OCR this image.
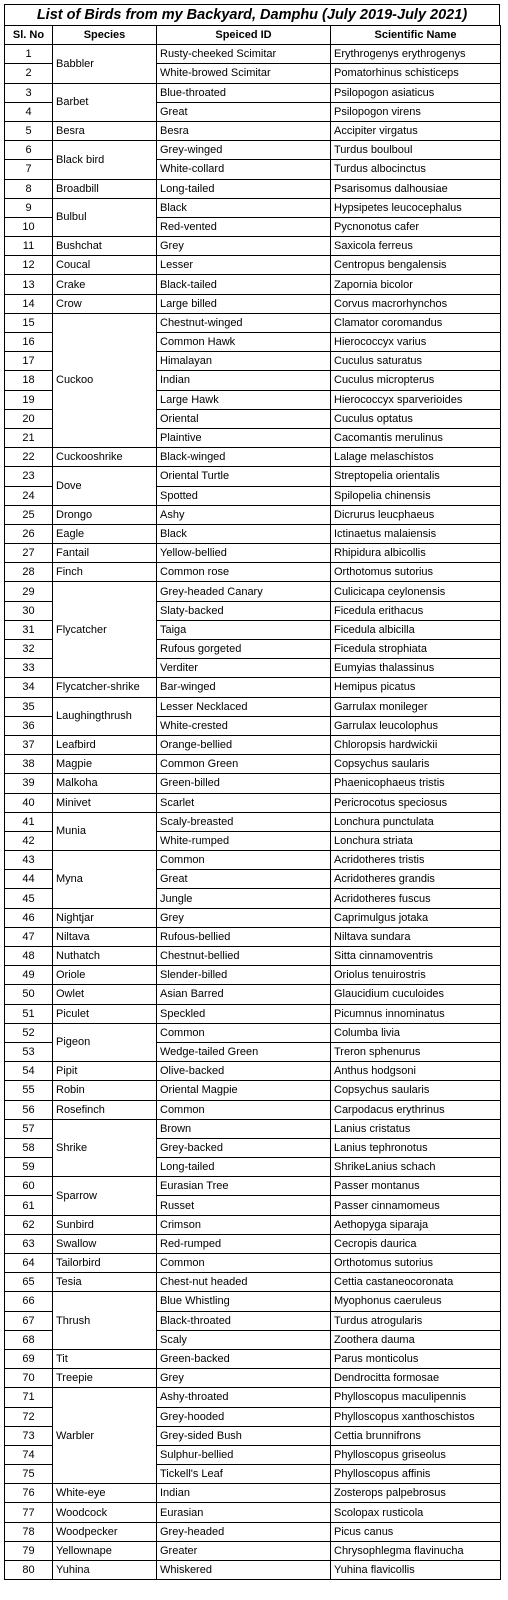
List of Birds from my Backyard, Damphu (July 2019-July 2021)
Sl. No	Species	Speiced ID	Scientific Name
1	Babbler	Rusty-cheeked Scimitar	Erythrogenys erythrogenys
2		White-browed Scimitar	Pomatorhinus schisticeps
3	Barbet	Blue-throated	Psilopogon asiaticus
4		Great	Psilopogon virens
5	Besra	Besra	Accipiter virgatus
6	Black bird	Grey-winged	Turdus boulboul
7		White-collard	Turdus albocinctus
8	Broadbill	Long-tailed	Psarisomus dalhousiae
9	Bulbul	Black	Hypsipetes leucocephalus
10		Red-vented	Pycnonotus cafer
11	Bushchat	Grey	Saxicola ferreus
12	Coucal	Lesser	Centropus bengalensis
13	Crake	Black-tailed	Zapornia bicolor
14	Crow	Large billed	Corvus macrorhynchos
15	Cuckoo	Chestnut-winged	Clamator coromandus
16		Common Hawk	Hierococcyx varius
17		Himalayan	Cuculus saturatus
18		Indian	Cuculus micropterus
19		Large Hawk	Hierococcyx sparverioides
20		Oriental	Cuculus optatus
21		Plaintive	Cacomantis merulinus
22	Cuckooshrike	Black-winged	Lalage melaschistos
23	Dove	Oriental Turtle	Streptopelia orientalis
24		Spotted	Spilopelia chinensis
25	Drongo	Ashy	Dicrurus leucphaeus
26	Eagle	Black	Ictinaetus malaiensis
27	Fantail	Yellow-bellied	Rhipidura albicollis
28	Finch	Common rose	Orthotomus sutorius
29	Flycatcher	Grey-headed Canary	Culicicapa ceylonensis
30		Slaty-backed	Ficedula erithacus
31		Taiga	Ficedula albicilla
32		Rufous gorgeted	Ficedula strophiata
33		Verditer	Eumyias thalassinus
34	Flycatcher-shrike	Bar-winged	Hemipus picatus
35	Laughingthrush	Lesser Necklaced	Garrulax monileger
36		White-crested	Garrulax leucolophus
37	Leafbird	Orange-bellied	Chloropsis hardwickii
38	Magpie	Common Green	Copsychus saularis
39	Malkoha	Green-billed	Phaenicophaeus tristis
40	Minivet	Scarlet	Pericrocotus speciosus
41	Munia	Scaly-breasted	Lonchura punctulata
42		White-rumped	Lonchura striata
43	Myna	Common	Acridotheres tristis
44		Great	Acridotheres grandis
45		Jungle	Acridotheres fuscus
46	Nightjar	Grey	Caprimulgus jotaka
47	Niltava	Rufous-bellied	Niltava sundara
48	Nuthatch	Chestnut-bellied	Sitta cinnamoventris
49	Oriole	Slender-billed	Oriolus tenuirostris
50	Owlet	Asian Barred	Glaucidium cuculoides
51	Piculet	Speckled	Picumnus innominatus
52	Pigeon	Common	Columba livia
53		Wedge-tailed Green	Treron sphenurus
54	Pipit	Olive-backed	Anthus hodgsoni
55	Robin	Oriental Magpie	Copsychus saularis
56	Rosefinch	Common	Carpodacus erythrinus
57	Shrike	Brown	Lanius cristatus
58		Grey-backed	Lanius tephronotus
59		Long-tailed	ShrikeLanius schach
60	Sparrow	Eurasian Tree	Passer montanus
61		Russet	Passer cinnamomeus
62	Sunbird	Crimson	Aethopyga siparaja
63	Swallow	Red-rumped	Cecropis daurica
64	Tailorbird	Common	Orthotomus sutorius
65	Tesia	Chest-nut headed	Cettia castaneocoronata
66	Thrush	Blue Whistling	Myophonus caeruleus
67		Black-throated	Turdus atrogularis
68		Scaly	Zoothera dauma
69	Tit	Green-backed	Parus monticolus
70	Treepie	Grey	Dendrocitta formosae
71	Warbler	Ashy-throated	Phylloscopus maculipennis
72		Grey-hooded	Phylloscopus xanthoschistos
73		Grey-sided Bush	Cettia brunnifrons
74		Sulphur-bellied	Phylloscopus griseolus
75		Tickell's Leaf	Phylloscopus affinis
76	White-eye	Indian	Zosterops palpebrosus
77	Woodcock	Eurasian	Scolopax rusticola
78	Woodpecker	Grey-headed	Picus canus
79	Yellownape	Greater	Chrysophlegma flavinucha
80	Yuhina	Whiskered	Yuhina flavicollis
